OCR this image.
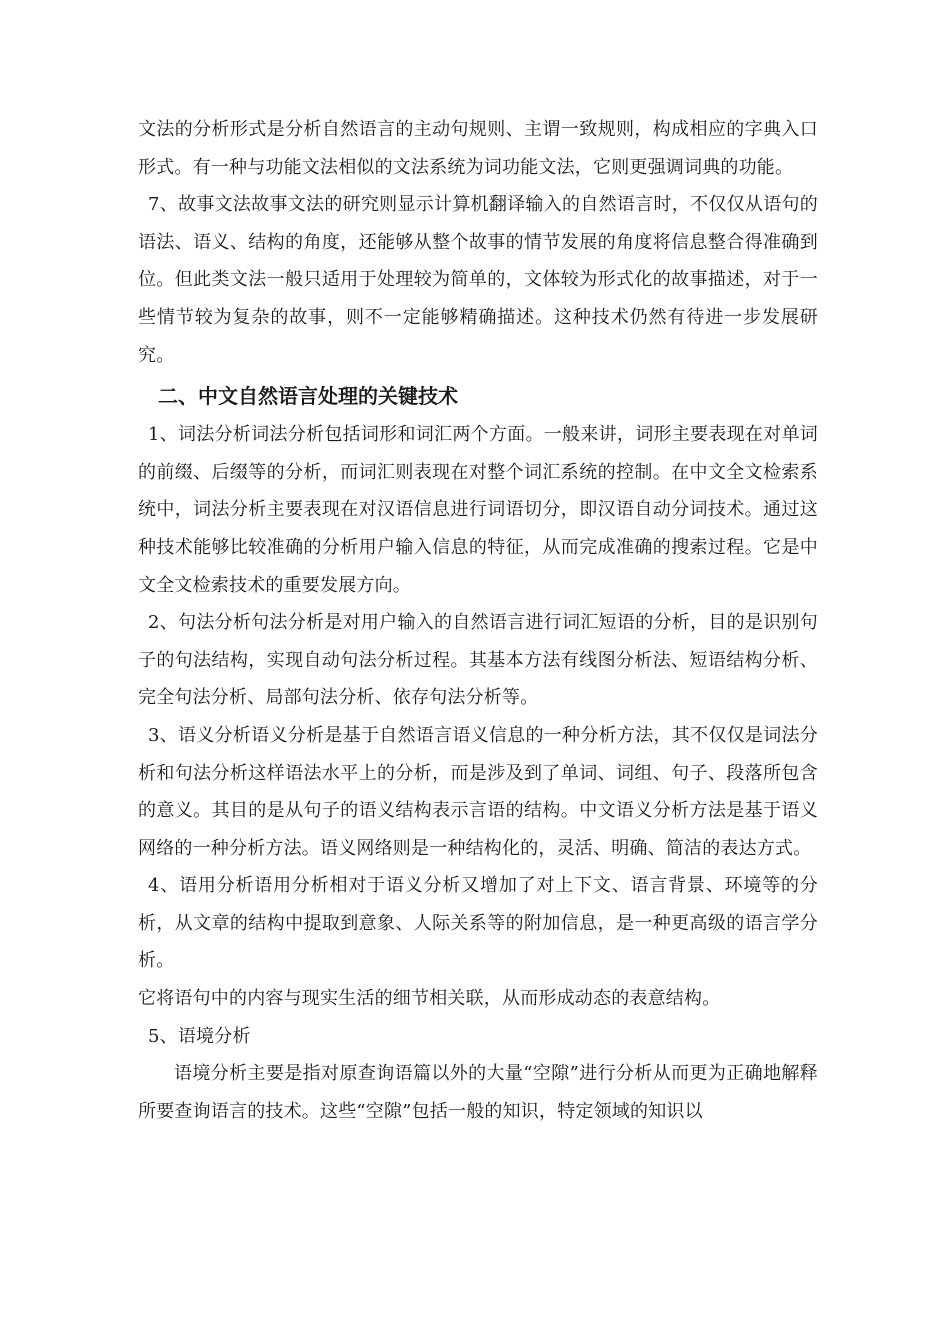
文法的分析形式是分析自然语言的主动句规则、主谓一致规则，构成相应的字典入口形式。有一种与功能文法相似的文法系统为词功能文法，它则更强调词典的功能。

7、故事文法故事文法的研究则显示计算机翻译输入的自然语言时，不仅仅从语句的语法、语义、结构的角度，还能够从整个故事的情节发展的角度将信息整合得准确到位。但此类文法一般只适用于处理较为简单的，文体较为形式化的故事描述，对于一些情节较为复杂的故事，则不一定能够精确描述。这种技术仍然有待进一步发展研究。

二、中文自然语言处理的关键技术

1、词法分析词法分析包括词形和词汇两个方面。一般来讲，词形主要表现在对单词的前缀、后缀等的分析，而词汇则表现在对整个词汇系统的控制。在中文全文检索系统中，词法分析主要表现在对汉语信息进行词语切分，即汉语自动分词技术。通过这种技术能够比较准确的分析用户输入信息的特征，从而完成准确的搜索过程。它是中文全文检索技术的重要发展方向。

2、句法分析句法分析是对用户输入的自然语言进行词汇短语的分析，目的是识别句子的句法结构，实现自动句法分析过程。其基本方法有线图分析法、短语结构分析、完全句法分析、局部句法分析、依存句法分析等。

3、语义分析语义分析是基于自然语言语义信息的一种分析方法，其不仅仅是词法分析和句法分析这样语法水平上的分析，而是涉及到了单词、词组、句子、段落所包含的意义。其目的是从句子的语义结构表示言语的结构。中文语义分析方法是基于语义网络的一种分析方法。语义网络则是一种结构化的，灵活、明确、简洁的表达方式。

4、语用分析语用分析相对于语义分析又增加了对上下文、语言背景、环境等的分析，从文章的结构中提取到意象、人际关系等的附加信息，是一种更高级的语言学分析。

它将语句中的内容与现实生活的细节相关联，从而形成动态的表意结构。

5、语境分析

语境分析主要是指对原查询语篇以外的大量“空隙”进行分析从而更为正确地解释所要查询语言的技术。这些“空隙”包括一般的知识，特定领域的知识以
